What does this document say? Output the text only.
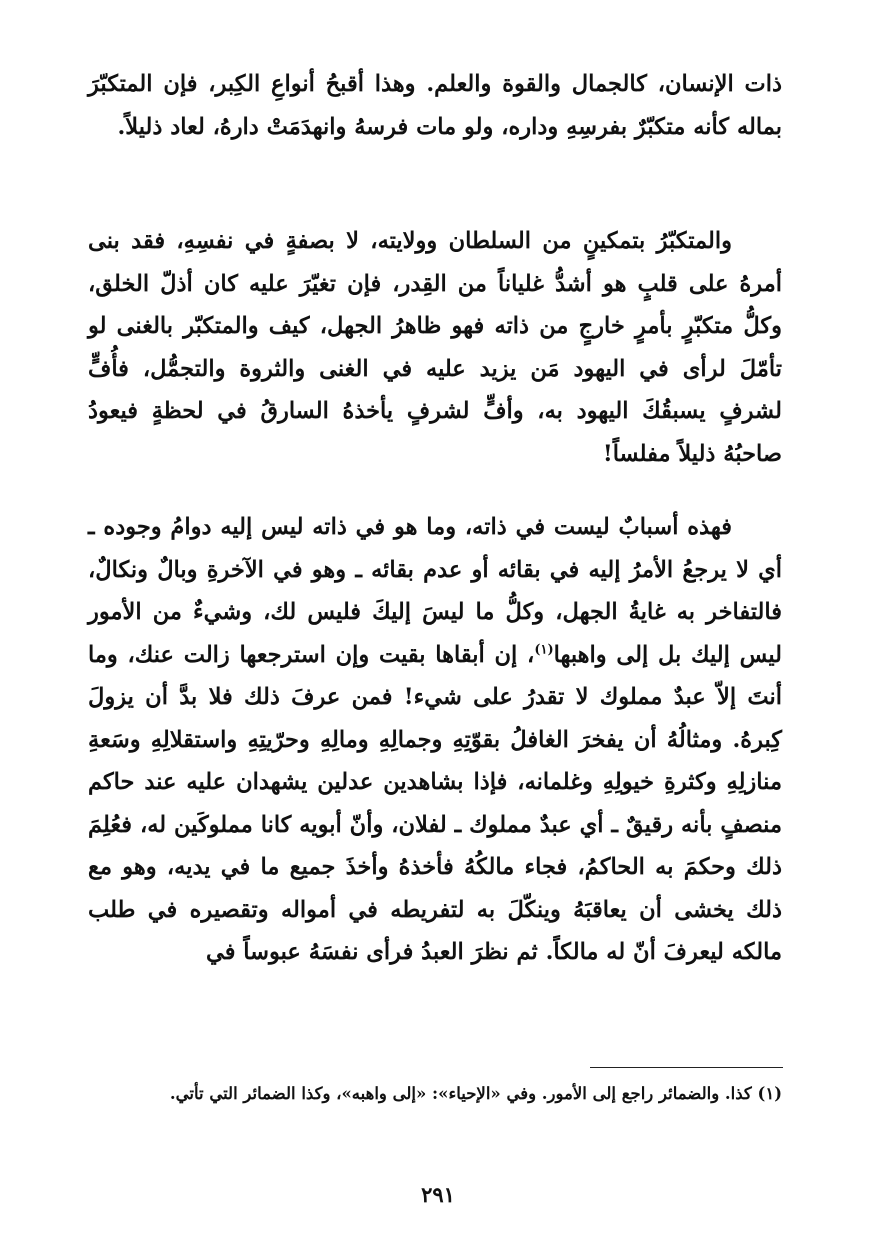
ذات الإنسان، كالجمال والقوة والعلم. وهذا أقبحُ أنواعِ الكِبر، فإن المتكبّرَ بماله كأنه متكبّرٌ بفرسِهِ وداره، ولو مات فرسهُ وانهدَمَتْ دارهُ، لعاد ذليلاً.

والمتكبّرُ بتمكينٍ من السلطان وولايته، لا بصفةٍ في نفسِهِ، فقد بنى أمرهُ على قلبٍ هو أشدُّ غلياناً من القِدر، فإن تغيّرَ عليه كان أذلّ الخلق، وكلُّ متكبّرٍ بأمرٍ خارجٍ من ذاته فهو ظاهرُ الجهل، كيف والمتكبّر بالغنى لو تأمّلَ لرأى في اليهود مَن يزيد عليه في الغنى والثروة والتجمُّل، فأُفٍّ لشرفٍ يسبقُكَ اليهود به، وأفٍّ لشرفٍ يأخذهُ السارقُ في لحظةٍ فيعودُ صاحبُهُ ذليلاً مفلساً!

فهذه أسبابٌ ليست في ذاته، وما هو في ذاته ليس إليه دوامُ وجوده ـ أي لا يرجعُ الأمرُ إليه في بقائه أو عدم بقائه ـ وهو في الآخرةِ وبالٌ ونكالٌ، فالتفاخر به غايةُ الجهل، وكلُّ ما ليسَ إليكَ فليس لك، وشيءٌ من الأمور ليس إليك بل إلى واهبها$^{(١)}$، إن أبقاها بقيت وإن استرجعها زالت عنك، وما أنتَ إلاّ عبدٌ مملوك لا تقدرُ على شيء! فمن عرفَ ذلك فلا بدَّ أن يزولَ كِبرهُ. ومثالُهُ أن يفخرَ الغافلُ بقوّتِهِ وجمالِهِ ومالِهِ وحرّيتِهِ واستقلالِهِ وسَعةِ منازلِهِ وكثرةِ خيولِهِ وغلمانه، فإذا بشاهدين عدلين يشهدان عليه عند حاكم منصفٍ بأنه رقيقٌ ـ أي عبدٌ مملوك ـ لفلان، وأنّ أبويه كانا مملوكَين له، فعُلِمَ ذلك وحكمَ به الحاكمُ، فجاء مالكُهُ فأخذهُ وأخذَ جميع ما في يديه، وهو مع ذلك يخشى أن يعاقبَهُ وينكّلَ به لتفريطه في أمواله وتقصيره في طلب مالكه ليعرفَ أنّ له مالكاً. ثم نظرَ العبدُ فرأى نفسَهُ عبوساً في

(١) كذا. والضمائر راجع إلى الأمور. وفي «الإحياء»: «إلى واهبه»، وكذا الضمائر التي تأتي.

٢٩١
